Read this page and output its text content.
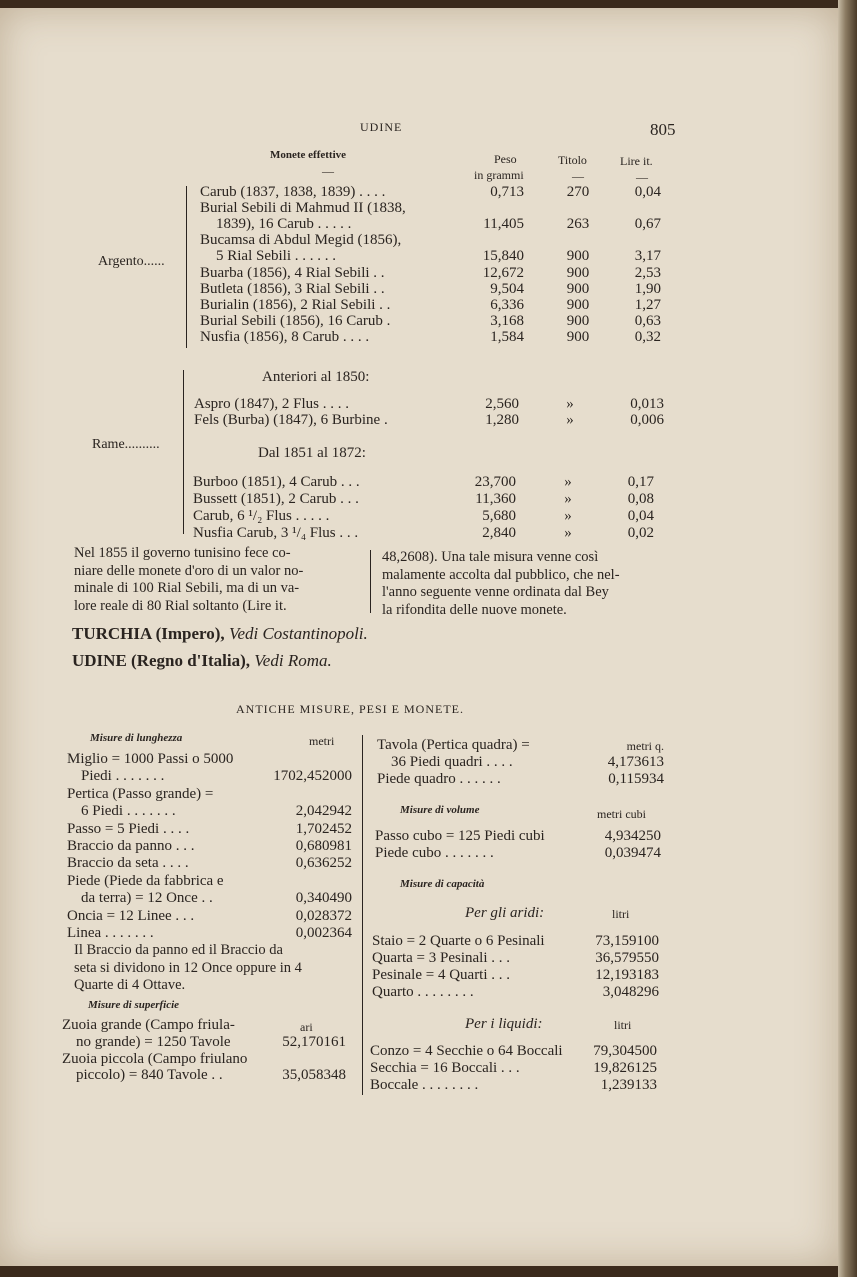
UDINE	805
Monete effettive
—
Peso
in grammi
Titolo
—
Lire it.
—
Argento......
Carub (1837, 1838, 1839) . . . .	0,713	270	0,04
Burial Sebili di Mahmud II (1838,
1839), 16 Carub . . . . .	11,405	263	0,67
Bucamsa di Abdul Megid (1856),
5 Rial Sebili . . . . . .	15,840	900	3,17
Buarba (1856), 4 Rial Sebili . .	12,672	900	2,53
Butleta (1856), 3 Rial Sebili . .	9,504	900	1,90
Burialin (1856), 2 Rial Sebili . .	6,336	900	1,27
Burial Sebili (1856), 16 Carub .	3,168	900	0,63
Nusfia (1856), 8 Carub . . . .	1,584	900	0,32
Rame..........
Anteriori al 1850:
Dal 1851 al 1872:
Aspro (1847), 2 Flus . . . .	2,560	»	0,013
Fels (Burba) (1847), 6 Burbine .	1,280	»	0,006
Burboo (1851), 4 Carub . . .	23,700	»	0,17
Bussett (1851), 2 Carub . . .	11,360	»	0,08
Carub, 6 ¹/₂ Flus . . . . .	5,680	»	0,04
Nusfia Carub, 3 ¹/₄ Flus . . .	2,840	»	0,02
Nel 1855 il governo tunisino fece co-
niare delle monete d'oro di un valor no-
minale di 100 Rial Sebili, ma di un va-
lore reale di 80 Rial soltanto (Lire it.
48,2608). Una tale misura venne così
malamente accolta dal pubblico, che nel-
l'anno seguente venne ordinata dal Bey
la rifondita delle nuove monete.
TURCHIA (Impero), Vedi Costantinopoli.
UDINE (Regno d'Italia), Vedi Roma.
ANTICHE MISURE, PESI E MONETE.
Misure di lunghezza	metri
Miglio = 1000 Passi o 5000
Piedi . . . . . . .	1702,452000
Pertica (Passo grande) =
6 Piedi . . . . . . .	2,042942
Passo = 5 Piedi . . . .	1,702452
Braccio da panno . . .	0,680981
Braccio da seta . . . .	0,636252
Piede (Piede da fabbrica e
da terra) = 12 Once . .	0,340490
Oncia = 12 Linee . . .	0,028372
Linea . . . . . . .	0,002364
Il Braccio da panno ed il Braccio da
seta si dividono in 12 Once oppure in 4
Quarte di 4 Ottave.
Misure di superficie
ari
Zuoia grande (Campo friula-
no grande) = 1250 Tavole	52,170161
Zuoia piccola (Campo friulano
piccolo) = 840 Tavole . .	35,058348
Tavola (Pertica quadra) =	metri q.
36 Piedi quadri . . . .	4,173613
Piede quadro . . . . . .	0,115934
Misure di volume	metri cubi
Passo cubo = 125 Piedi cubi	4,934250
Piede cubo . . . . . . .	0,039474
Misure di capacità
Per gli aridi:	litri
Staio = 2 Quarte o 6 Pesinali	73,159100
Quarta = 3 Pesinali . . .	36,579550
Pesinale = 4 Quarti . . .	12,193183
Quarto . . . . . . . .	3,048296
Per i liquidi:	litri
Conzo = 4 Secchie o 64 Boccali	79,304500
Secchia = 16 Boccali . . .	19,826125
Boccale . . . . . . . .	1,239133
